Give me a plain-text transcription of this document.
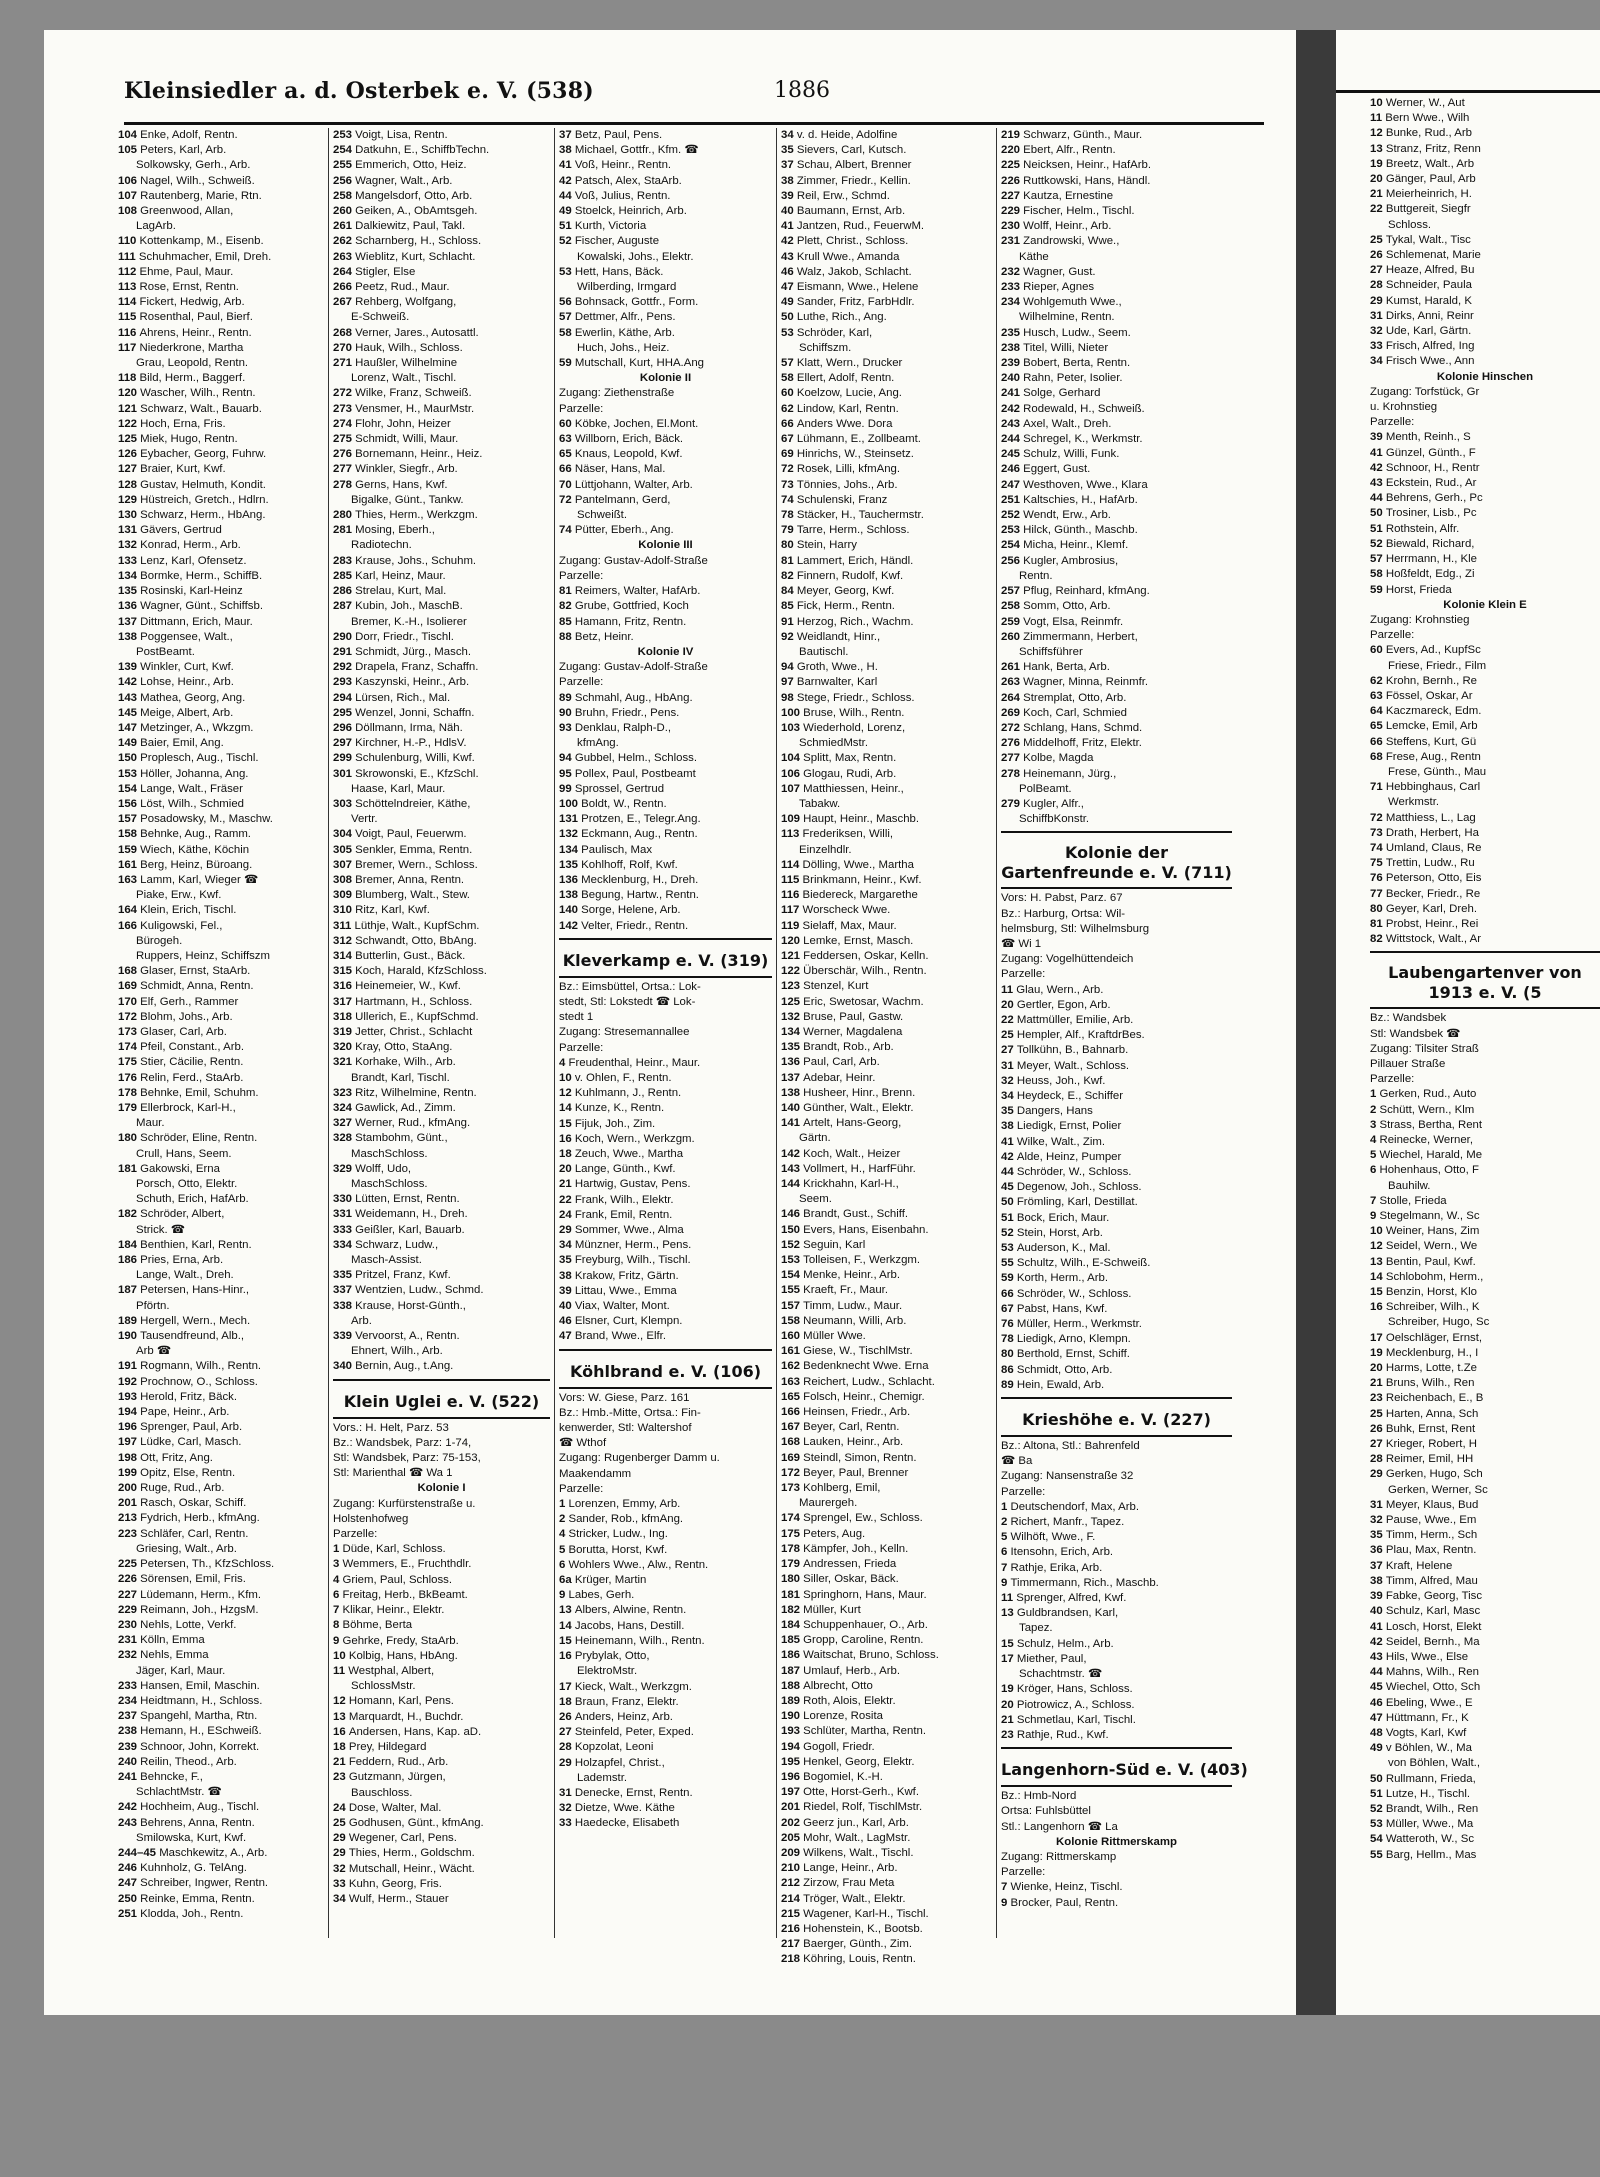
Kleinsiedler a. d. Osterbek e. V. (538)	1886
104 Enke, Adolf, Rentn.
105 Peters, Karl, Arb.
Solkowsky, Gerh., Arb.
106 Nagel, Wilh., Schweiß.
107 Rautenberg, Marie, Rtn.
108 Greenwood, Allan,
LagArb.
110 Kottenkamp, M., Eisenb.
111 Schuhmacher, Emil, Dreh.
112 Ehme, Paul, Maur.
113 Rose, Ernst, Rentn.
114 Fickert, Hedwig, Arb.
115 Rosenthal, Paul, Bierf.
116 Ahrens, Heinr., Rentn.
117 Niederkrone, Martha
Grau, Leopold, Rentn.
118 Bild, Herm., Baggerf.
120 Wascher, Wilh., Rentn.
121 Schwarz, Walt., Bauarb.
122 Hoch, Erna, Fris.
125 Miek, Hugo, Rentn.
126 Eybacher, Georg, Fuhrw.
127 Braier, Kurt, Kwf.
128 Gustav, Helmuth, Kondit.
129 Hüstreich, Gretch., Hdlrn.
130 Schwarz, Herm., HbAng.
131 Gävers, Gertrud
132 Konrad, Herm., Arb.
133 Lenz, Karl, Ofensetz.
134 Bormke, Herm., SchiffB.
135 Rosinski, Karl-Heinz
136 Wagner, Günt., Schiffsb.
137 Dittmann, Erich, Maur.
138 Poggensee, Walt.,
PostBeamt.
139 Winkler, Curt, Kwf.
142 Lohse, Heinr., Arb.
143 Mathea, Georg, Ang.
145 Meige, Albert, Arb.
147 Metzinger, A., Wkzgm.
149 Baier, Emil, Ang.
150 Proplesch, Aug., Tischl.
153 Höller, Johanna, Ang.
154 Lange, Walt., Fräser
156 Löst, Wilh., Schmied
157 Posadowsky, M., Maschw.
158 Behnke, Aug., Ramm.
159 Wiech, Käthe, Köchin
161 Berg, Heinz, Büroang.
163 Lamm, Karl, Wieger ☎
Piake, Erw., Kwf.
164 Klein, Erich, Tischl.
166 Kuligowski, Fel.,
Bürogeh.
Ruppers, Heinz, Schiffszm
168 Glaser, Ernst, StaArb.
169 Schmidt, Anna, Rentn.
170 Elf, Gerh., Rammer
172 Blohm, Johs., Arb.
173 Glaser, Carl, Arb.
174 Pfeil, Constant., Arb.
175 Stier, Cäcilie, Rentn.
176 Relin, Ferd., StaArb.
178 Behnke, Emil, Schuhm.
179 Ellerbrock, Karl-H.,
Maur.
180 Schröder, Eline, Rentn.
Crull, Hans, Seem.
181 Gakowski, Erna
Porsch, Otto, Elektr.
Schuth, Erich, HafArb.
182 Schröder, Albert,
Strick. ☎
184 Benthien, Karl, Rentn.
186 Pries, Erna, Arb.
Lange, Walt., Dreh.
187 Petersen, Hans-Hinr.,
Pförtn.
189 Hergell, Wern., Mech.
190 Tausendfreund, Alb.,
Arb ☎
191 Rogmann, Wilh., Rentn.
192 Prochnow, O., Schloss.
193 Herold, Fritz, Bäck.
194 Pape, Heinr., Arb.
196 Sprenger, Paul, Arb.
197 Lüdke, Carl, Masch.
198 Ott, Fritz, Ang.
199 Opitz, Else, Rentn.
200 Ruge, Rud., Arb.
201 Rasch, Oskar, Schiff.
213 Fydrich, Herb., kfmAng.
223 Schläfer, Carl, Rentn.
Griesing, Walt., Arb.
225 Petersen, Th., KfzSchloss.
226 Sörensen, Emil, Fris.
227 Lüdemann, Herm., Kfm.
229 Reimann, Joh., HzgsM.
230 Nehls, Lotte, Verkf.
231 Kölln, Emma
232 Nehls, Emma
Jäger, Karl, Maur.
233 Hansen, Emil, Maschin.
234 Heidtmann, H., Schloss.
237 Spangehl, Martha, Rtn.
238 Hemann, H., ESchweiß.
239 Schnoor, John, Korrekt.
240 Reilin, Theod., Arb.
241 Behncke, F.,
SchlachtMstr. ☎
242 Hochheim, Aug., Tischl.
243 Behrens, Anna, Rentn.
Smilowska, Kurt, Kwf.
244–45 Maschkewitz, A., Arb.
246 Kuhnholz, G. TelAng.
247 Schreiber, Ingwer, Rentn.
250 Reinke, Emma, Rentn.
251 Klodda, Joh., Rentn.
253 Voigt, Lisa, Rentn.
254 Datkuhn, E., SchiffbTechn.
255 Emmerich, Otto, Heiz.
256 Wagner, Walt., Arb.
258 Mangelsdorf, Otto, Arb.
260 Geiken, A., ObAmtsgeh.
261 Dalkiewitz, Paul, Takl.
262 Scharnberg, H., Schloss.
263 Wieblitz, Kurt, Schlacht.
264 Stigler, Else
266 Peetz, Rud., Maur.
267 Rehberg, Wolfgang,
E-Schweiß.
268 Verner, Jares., Autosattl.
270 Hauk, Wilh., Schloss.
271 Haußler, Wilhelmine
Lorenz, Walt., Tischl.
272 Wilke, Franz, Schweiß.
273 Vensmer, H., MaurMstr.
274 Flohr, John, Heizer
275 Schmidt, Willi, Maur.
276 Bornemann, Heinr., Heiz.
277 Winkler, Siegfr., Arb.
278 Gerns, Hans, Kwf.
Bigalke, Günt., Tankw.
280 Thies, Herm., Werkzgm.
281 Mosing, Eberh.,
Radiotechn.
283 Krause, Johs., Schuhm.
285 Karl, Heinz, Maur.
286 Strelau, Kurt, Mal.
287 Kubin, Joh., MaschB.
Bremer, K.-H., Isolierer
290 Dorr, Friedr., Tischl.
291 Schmidt, Jürg., Masch.
292 Drapela, Franz, Schaffn.
293 Kaszynski, Heinr., Arb.
294 Lürsen, Rich., Mal.
295 Wenzel, Jonni, Schaffn.
296 Döllmann, Irma, Näh.
297 Kirchner, H.-P., HdlsV.
299 Schulenburg, Willi, Kwf.
301 Skrowonski, E., KfzSchl.
Haase, Karl, Maur.
303 Schöttelndreier, Käthe,
Vertr.
304 Voigt, Paul, Feuerwm.
305 Senkler, Emma, Rentn.
307 Bremer, Wern., Schloss.
308 Bremer, Anna, Rentn.
309 Blumberg, Walt., Stew.
310 Ritz, Karl, Kwf.
311 Lüthje, Walt., KupfSchm.
312 Schwandt, Otto, BbAng.
314 Butterlin, Gust., Bäck.
315 Koch, Harald, KfzSchloss.
316 Heinemeier, W., Kwf.
317 Hartmann, H., Schloss.
318 Ullerich, E., KupfSchmd.
319 Jetter, Christ., Schlacht
320 Kray, Otto, StaAng.
321 Korhake, Wilh., Arb.
Brandt, Karl, Tischl.
323 Ritz, Wilhelmine, Rentn.
324 Gawlick, Ad., Zimm.
327 Werner, Rud., kfmAng.
328 Stambohm, Günt.,
MaschSchloss.
329 Wolff, Udo,
MaschSchloss.
330 Lütten, Ernst, Rentn.
331 Weidemann, H., Dreh.
333 Geißler, Karl, Bauarb.
334 Schwarz, Ludw.,
Masch-Assist.
335 Pritzel, Franz, Kwf.
337 Wentzien, Ludw., Schmd.
338 Krause, Horst-Günth.,
Arb.
339 Vervoorst, A., Rentn.
Ehnert, Wilh., Arb.
340 Bernin, Aug., t.Ang.
Klein Uglei e. V. (522)
Vors.: H. Helt, Parz. 53
Bz.: Wandsbek, Parz: 1-74,
Stl: Wandsbek, Parz: 75-153,
Stl: Marienthal ☎ Wa 1
Kolonie I
Zugang: Kurfürstenstraße u.
Holstenhofweg
Parzelle:
1 Düde, Karl, Schloss.
3 Wemmers, E., Fruchthdlr.
4 Griem, Paul, Schloss.
6 Freitag, Herb., BkBeamt.
7 Klikar, Heinr., Elektr.
8 Böhme, Berta
9 Gehrke, Fredy, StaArb.
10 Kolbig, Hans, HbAng.
11 Westphal, Albert,
SchlossMstr.
12 Homann, Karl, Pens.
13 Marquardt, H., Buchdr.
16 Andersen, Hans, Kap. aD.
18 Prey, Hildegard
21 Feddern, Rud., Arb.
23 Gutzmann, Jürgen,
Bauschloss.
24 Dose, Walter, Mal.
25 Godhusen, Günt., kfmAng.
29 Wegener, Carl, Pens.
29 Thies, Herm., Goldschm.
32 Mutschall, Heinr., Wächt.
33 Kuhn, Georg, Fris.
34 Wulf, Herm., Stauer
37 Betz, Paul, Pens.
38 Michael, Gottfr., Kfm. ☎
41 Voß, Heinr., Rentn.
42 Patsch, Alex, StaArb.
44 Voß, Julius, Rentn.
49 Stoelck, Heinrich, Arb.
51 Kurth, Victoria
52 Fischer, Auguste
Kowalski, Johs., Elektr.
53 Hett, Hans, Bäck.
Wilberding, Irmgard
56 Bohnsack, Gottfr., Form.
57 Dettmer, Alfr., Pens.
58 Ewerlin, Käthe, Arb.
Huch, Johs., Heiz.
59 Mutschall, Kurt, HHA.Ang
Kolonie II
Zugang: Ziethenstraße
Parzelle:
60 Köbke, Jochen, El.Mont.
63 Willborn, Erich, Bäck.
65 Knaus, Leopold, Kwf.
66 Näser, Hans, Mal.
70 Lüttjohann, Walter, Arb.
72 Pantelmann, Gerd,
Schweißt.
74 Pütter, Eberh., Ang.
Kolonie III
Zugang: Gustav-Adolf-Straße
Parzelle:
81 Reimers, Walter, HafArb.
82 Grube, Gottfried, Koch
85 Hamann, Fritz, Rentn.
88 Betz, Heinr.
Kolonie IV
Zugang: Gustav-Adolf-Straße
Parzelle:
89 Schmahl, Aug., HbAng.
90 Bruhn, Friedr., Pens.
93 Denklau, Ralph-D.,
kfmAng.
94 Gubbel, Helm., Schloss.
95 Pollex, Paul, Postbeamt
99 Sprossel, Gertrud
100 Boldt, W., Rentn.
131 Protzen, E., Telegr.Ang.
132 Eckmann, Aug., Rentn.
134 Paulisch, Max
135 Kohlhoff, Rolf, Kwf.
136 Mecklenburg, H., Dreh.
138 Begung, Hartw., Rentn.
140 Sorge, Helene, Arb.
142 Velter, Friedr., Rentn.
Kleverkamp e. V. (319)
Bz.: Eimsbüttel, Ortsa.: Lok-
stedt, Stl: Lokstedt ☎ Lok-
stedt 1
Zugang: Stresemannallee
Parzelle:
4 Freudenthal, Heinr., Maur.
10 v. Ohlen, F., Rentn.
12 Kuhlmann, J., Rentn.
14 Kunze, K., Rentn.
15 Fijuk, Joh., Zim.
16 Koch, Wern., Werkzgm.
18 Zeuch, Wwe., Martha
20 Lange, Günth., Kwf.
21 Hartwig, Gustav, Pens.
22 Frank, Wilh., Elektr.
24 Frank, Emil, Rentn.
29 Sommer, Wwe., Alma
34 Münzner, Herm., Pens.
35 Freyburg, Wilh., Tischl.
38 Krakow, Fritz, Gärtn.
39 Littau, Wwe., Emma
40 Viax, Walter, Mont.
46 Elsner, Curt, Klempn.
47 Brand, Wwe., Elfr.
Köhlbrand e. V. (106)
Vors: W. Giese, Parz. 161
Bz.: Hmb.-Mitte, Ortsa.: Fin-
kenwerder, Stl: Waltershof
☎ Wthof
Zugang: Rugenberger Damm u.
Maakendamm
Parzelle:
1 Lorenzen, Emmy, Arb.
2 Sander, Rob., kfmAng.
4 Stricker, Ludw., Ing.
5 Borutta, Horst, Kwf.
6 Wohlers Wwe., Alw., Rentn.
6a Krüger, Martin
9 Labes, Gerh.
13 Albers, Alwine, Rentn.
14 Jacobs, Hans, Destill.
15 Heinemann, Wilh., Rentn.
16 Prybylak, Otto,
ElektroMstr.
17 Kieck, Walt., Werkzgm.
18 Braun, Franz, Elektr.
26 Anders, Heinz, Arb.
27 Steinfeld, Peter, Exped.
28 Kopzolat, Leoni
29 Holzapfel, Christ.,
Lademstr.
31 Denecke, Ernst, Rentn.
32 Dietze, Wwe. Käthe
33 Haedecke, Elisabeth
34 v. d. Heide, Adolfine
35 Sievers, Carl, Kutsch.
37 Schau, Albert, Brenner
38 Zimmer, Friedr., Kellin.
39 Reil, Erw., Schmd.
40 Baumann, Ernst, Arb.
41 Jantzen, Rud., FeuerwM.
42 Plett, Christ., Schloss.
43 Krull Wwe., Amanda
46 Walz, Jakob, Schlacht.
47 Eismann, Wwe., Helene
49 Sander, Fritz, FarbHdlr.
50 Luthe, Rich., Ang.
53 Schröder, Karl,
Schiffszm.
57 Klatt, Wern., Drucker
58 Ellert, Adolf, Rentn.
60 Koelzow, Lucie, Ang.
62 Lindow, Karl, Rentn.
66 Anders Wwe. Dora
67 Lühmann, E., Zollbeamt.
69 Hinrichs, W., Steinsetz.
72 Rosek, Lilli, kfmAng.
73 Tönnies, Johs., Arb.
74 Schulenski, Franz
78 Stäcker, H., Tauchermstr.
79 Tarre, Herm., Schloss.
80 Stein, Harry
81 Lammert, Erich, Händl.
82 Finnern, Rudolf, Kwf.
84 Meyer, Georg, Kwf.
85 Fick, Herm., Rentn.
91 Herzog, Rich., Wachm.
92 Weidlandt, Hinr.,
Bautischl.
94 Groth, Wwe., H.
97 Barnwalter, Karl
98 Stege, Friedr., Schloss.
100 Bruse, Wilh., Rentn.
103 Wiederhold, Lorenz,
SchmiedMstr.
104 Splitt, Max, Rentn.
106 Glogau, Rudi, Arb.
107 Matthiessen, Heinr.,
Tabakw.
109 Haupt, Heinr., Maschb.
113 Frederiksen, Willi,
Einzelhdlr.
114 Dölling, Wwe., Martha
115 Brinkmann, Heinr., Kwf.
116 Biedereck, Margarethe
117 Worscheck Wwe.
119 Sielaff, Max, Maur.
120 Lemke, Ernst, Masch.
121 Feddersen, Oskar, Kelln.
122 Überschär, Wilh., Rentn.
123 Stenzel, Kurt
125 Eric, Swetosar, Wachm.
132 Bruse, Paul, Gastw.
134 Werner, Magdalena
135 Brandt, Rob., Arb.
136 Paul, Carl, Arb.
137 Adebar, Heinr.
138 Husheer, Hinr., Brenn.
140 Günther, Walt., Elektr.
141 Artelt, Hans-Georg,
Gärtn.
142 Koch, Walt., Heizer
143 Vollmert, H., HarfFühr.
144 Krickhahn, Karl-H.,
Seem.
146 Brandt, Gust., Schiff.
150 Evers, Hans, Eisenbahn.
152 Seguin, Karl
153 Tolleisen, F., Werkzgm.
154 Menke, Heinr., Arb.
155 Kraeft, Fr., Maur.
157 Timm, Ludw., Maur.
158 Neumann, Willi, Arb.
160 Müller Wwe.
161 Giese, W., TischlMstr.
162 Bedenknecht Wwe. Erna
163 Reichert, Ludw., Schlacht.
165 Folsch, Heinr., Chemigr.
166 Heinsen, Friedr., Arb.
167 Beyer, Carl, Rentn.
168 Lauken, Heinr., Arb.
169 Steindl, Simon, Rentn.
172 Beyer, Paul, Brenner
173 Kohlberg, Emil,
Maurergeh.
174 Sprengel, Ew., Schloss.
175 Peters, Aug.
178 Kämpfer, Joh., Kelln.
179 Andressen, Frieda
180 Siller, Oskar, Bäck.
181 Springhorn, Hans, Maur.
182 Müller, Kurt
184 Schuppenhauer, O., Arb.
185 Gropp, Caroline, Rentn.
186 Waitschat, Bruno, Schloss.
187 Umlauf, Herb., Arb.
188 Albrecht, Otto
189 Roth, Alois, Elektr.
190 Lorenze, Rosita
193 Schlüter, Martha, Rentn.
194 Gogoll, Friedr.
195 Henkel, Georg, Elektr.
196 Bogomiel, K.-H.
197 Otte, Horst-Gerh., Kwf.
201 Riedel, Rolf, TischlMstr.
202 Geerz jun., Karl, Arb.
205 Mohr, Walt., LagMstr.
209 Wilkens, Walt., Tischl.
210 Lange, Heinr., Arb.
212 Zirzow, Frau Meta
214 Tröger, Walt., Elektr.
215 Wagener, Karl-H., Tischl.
216 Hohenstein, K., Bootsb.
217 Baerger, Günth., Zim.
218 Köhring, Louis, Rentn.
219 Schwarz, Günth., Maur.
220 Ebert, Alfr., Rentn.
225 Neicksen, Heinr., HafArb.
226 Ruttkowski, Hans, Händl.
227 Kautza, Ernestine
229 Fischer, Helm., Tischl.
230 Wolff, Heinr., Arb.
231 Zandrowski, Wwe.,
Käthe
232 Wagner, Gust.
233 Rieper, Agnes
234 Wohlgemuth Wwe.,
Wilhelmine, Rentn.
235 Husch, Ludw., Seem.
238 Titel, Willi, Nieter
239 Bobert, Berta, Rentn.
240 Rahn, Peter, Isolier.
241 Solge, Gerhard
242 Rodewald, H., Schweiß.
243 Axel, Walt., Dreh.
244 Schregel, K., Werkmstr.
245 Schulz, Willi, Funk.
246 Eggert, Gust.
247 Westhoven, Wwe., Klara
251 Kaltschies, H., HafArb.
252 Wendt, Erw., Arb.
253 Hilck, Günth., Maschb.
254 Micha, Heinr., Klemf.
256 Kugler, Ambrosius,
Rentn.
257 Pflug, Reinhard, kfmAng.
258 Somm, Otto, Arb.
259 Vogt, Elsa, Reinmfr.
260 Zimmermann, Herbert,
Schiffsführer
261 Hank, Berta, Arb.
263 Wagner, Minna, Reinmfr.
264 Stremplat, Otto, Arb.
269 Koch, Carl, Schmied
272 Schlang, Hans, Schmd.
276 Middelhoff, Fritz, Elektr.
277 Kolbe, Magda
278 Heinemann, Jürg.,
PolBeamt.
279 Kugler, Alfr.,
SchiffbKonstr.
Kolonie der Gartenfreunde e. V. (711)
Vors: H. Pabst, Parz. 67
Bz.: Harburg, Ortsa: Wil-
helmsburg, Stl: Wilhelmsburg
☎ Wi 1
Zugang: Vogelhüttendeich
Parzelle:
11 Glau, Wern., Arb.
20 Gertler, Egon, Arb.
22 Mattmüller, Emilie, Arb.
25 Hempler, Alf., KraftdrBes.
27 Tollkühn, B., Bahnarb.
31 Meyer, Walt., Schloss.
32 Heuss, Joh., Kwf.
34 Heydeck, E., Schiffer
35 Dangers, Hans
38 Liedigk, Ernst, Polier
41 Wilke, Walt., Zim.
42 Alde, Heinz, Pumper
44 Schröder, W., Schloss.
45 Degenow, Joh., Schloss.
50 Frömling, Karl, Destillat.
51 Bock, Erich, Maur.
52 Stein, Horst, Arb.
53 Auderson, K., Mal.
55 Schultz, Wilh., E-Schweiß.
59 Korth, Herm., Arb.
66 Schröder, W., Schloss.
67 Pabst, Hans, Kwf.
76 Müller, Herm., Werkmstr.
78 Liedigk, Arno, Klempn.
80 Berthold, Ernst, Schiff.
86 Schmidt, Otto, Arb.
89 Hein, Ewald, Arb.
Krieshöhe e. V. (227)
Bz.: Altona, Stl.: Bahrenfeld
☎ Ba
Zugang: Nansenstraße 32
Parzelle:
1 Deutschendorf, Max, Arb.
2 Richert, Manfr., Tapez.
5 Wilhöft, Wwe., F.
6 Itensohn, Erich, Arb.
7 Rathje, Erika, Arb.
9 Timmermann, Rich., Maschb.
11 Sprenger, Alfred, Kwf.
13 Guldbrandsen, Karl,
Tapez.
15 Schulz, Helm., Arb.
17 Miether, Paul,
Schachtmstr. ☎
19 Kröger, Hans, Schloss.
20 Piotrowicz, A., Schloss.
21 Schmetlau, Karl, Tischl.
23 Rathje, Rud., Kwf.
Langenhorn-Süd e. V. (403)
Bz.: Hmb-Nord
Ortsa: Fuhlsbüttel
Stl.: Langenhorn ☎ La
Kolonie Rittmerskamp
Zugang: Rittmerskamp
Parzelle:
7 Wienke, Heinz, Tischl.
9 Brocker, Paul, Rentn.
10 Werner, W., Aut
11 Bern Wwe., Wilh
12 Bunke, Rud., Arb
13 Stranz, Fritz, Renn
19 Breetz, Walt., Arb
20 Gänger, Paul, Arb
21 Meierheinrich, H.
22 Buttgereit, Siegfr
Schloss.
25 Tykal, Walt., Tisc
26 Schlemenat, Marie
27 Heaze, Alfred, Bu
28 Schneider, Paula
29 Kumst, Harald, K
31 Dirks, Anni, Reinr
32 Ude, Karl, Gärtn.
33 Frisch, Alfred, Ing
34 Frisch Wwe., Ann
Kolonie Hinschen
Zugang: Torfstück, Gr
u. Krohnstieg
Parzelle:
39 Menth, Reinh., S
41 Günzel, Günth., F
42 Schnoor, H., Rentr
43 Eckstein, Rud., Ar
44 Behrens, Gerh., Pc
50 Trosiner, Lisb., Pc
51 Rothstein, Alfr.
52 Biewald, Richard,
57 Herrmann, H., Kle
58 Hoßfeldt, Edg., Zi
59 Horst, Frieda
Kolonie Klein E
Zugang: Krohnstieg
Parzelle:
60 Evers, Ad., KupfSc
Friese, Friedr., Film
62 Krohn, Bernh., Re
63 Fössel, Oskar, Ar
64 Kaczmareck, Edm.
65 Lemcke, Emil, Arb
66 Steffens, Kurt, Gü
68 Frese, Aug., Rentn
Frese, Günth., Mau
71 Hebbinghaus, Carl
Werkmstr.
72 Matthiess, L., Lag
73 Drath, Herbert, Ha
74 Umland, Claus, Re
75 Trettin, Ludw., Ru
76 Peterson, Otto, Eis
77 Becker, Friedr., Re
80 Geyer, Karl, Dreh.
81 Probst, Heinr., Rei
82 Wittstock, Walt., Ar
Laubengartenver von 1913 e. V. (5
Bz.: Wandsbek
Stl: Wandsbek ☎
Zugang: Tilsiter Straß
Pillauer Straße
Parzelle:
1 Gerken, Rud., Auto
2 Schütt, Wern., Klm
3 Strass, Bertha, Rent
4 Reinecke, Werner,
5 Wiechel, Harald, Me
6 Hohenhaus, Otto, F
Bauhilw.
7 Stolle, Frieda
9 Stegelmann, W., Sc
10 Weiner, Hans, Zim
12 Seidel, Wern., We
13 Bentin, Paul, Kwf.
14 Schlobohm, Herm.,
15 Benzin, Horst, Klo
16 Schreiber, Wilh., K
Schreiber, Hugo, Sc
17 Oelschläger, Ernst,
19 Mecklenburg, H., I
20 Harms, Lotte, t.Ze
21 Bruns, Wilh., Ren
23 Reichenbach, E., B
25 Harten, Anna, Sch
26 Buhk, Ernst, Rent
27 Krieger, Robert, H
28 Reimer, Emil, HH
29 Gerken, Hugo, Sch
Gerken, Werner, Sc
31 Meyer, Klaus, Bud
32 Pause, Wwe., Em
35 Timm, Herm., Sch
36 Plau, Max, Rentn.
37 Kraft, Helene
38 Timm, Alfred, Mau
39 Fabke, Georg, Tisc
40 Schulz, Karl, Masc
41 Losch, Horst, Elekt
42 Seidel, Bernh., Ma
43 Hils, Wwe., Else
44 Mahns, Wilh., Ren
45 Wiechel, Otto, Sch
46 Ebeling, Wwe., E
47 Hüttmann, Fr., K
48 Vogts, Karl, Kwf
49 v Böhlen, W., Ma
von Böhlen, Walt.,
50 Rullmann, Frieda,
51 Lutze, H., Tischl.
52 Brandt, Wilh., Ren
53 Müller, Wwe., Ma
54 Watteroth, W., Sc
55 Barg, Hellm., Mas
